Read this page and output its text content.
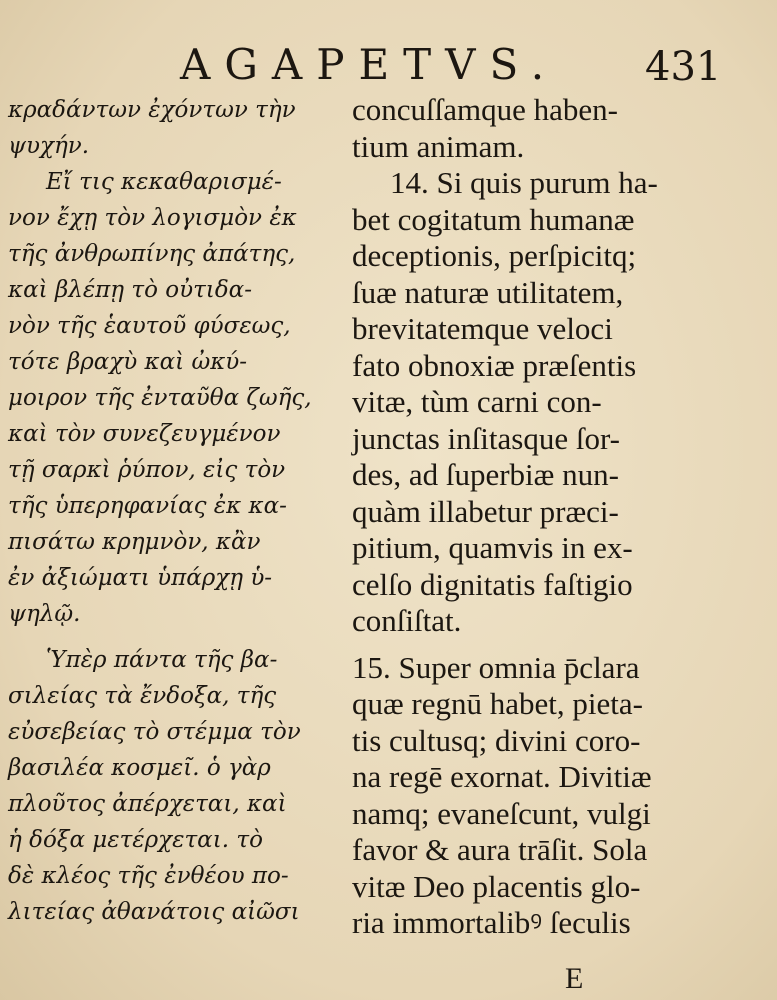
AGAPETVS. 431
κραδάντων ἐχόντων τὴν
ψυχήν.
Εἴ τις κεκαθαρισμέ-
νον ἔχῃ τὸν λογισμὸν ἐκ
τῆς ἀνθρωπίνης ἀπάτης,
καὶ βλέπῃ τὸ οὐτιδα-
νὸν τῆς ἑαυτοῦ φύσεως,
τότε βραχὺ καὶ ὠκύ-
μοιρον τῆς ἐνταῦθα ζωῆς,
καὶ τὸν συνεζευγμένον
τῇ σαρκὶ ῥύπον, εἰς τὸν
τῆς ὑπερηφανίας ἐκ κα-
πισάτω κρημνὸν, κἂν
ἐν ἀξιώματι ὑπάρχῃ ὑ-
ψηλῷ.
Ὑπὲρ πάντα τῆς βα-
σιλείας τὰ ἔνδοξα, τῆς
εὐσεβείας τὸ στέμμα τὸν
βασιλέα κοσμεῖ. ὁ γὰρ
πλοῦτος ἀπέρχεται, καὶ
ἡ δόξα μετέρχεται. τὸ
δὲ κλέος τῆς ἐνθέου πο-
λιτείας ἀθανάτοις αἰῶσι
concuſſamque haben-
tium animam.
14. Si quis purum ha-
bet cogitatum humanæ
deceptionis, perſpicitq;
ſuæ naturæ utilitatem,
brevitatemque veloci
fato obnoxiæ præſentis
vitæ, tùm carni con-
junctas inſitasque ſor-
des, ad ſuperbiæ nun-
quàm illabetur præci-
pitium, quamvis in ex-
celſo dignitatis faſtigio
conſiſtat.
15. Super omnia p̄clara
quæ regnū habet, pieta-
tis cultusq; divini coro-
na regē exornat. Divitiæ
namq; evaneſcunt, vulgi
favor & aura trāſit. Sola
vitæ Deo placentis glo-
ria immortalibꝰ ſeculis
E
